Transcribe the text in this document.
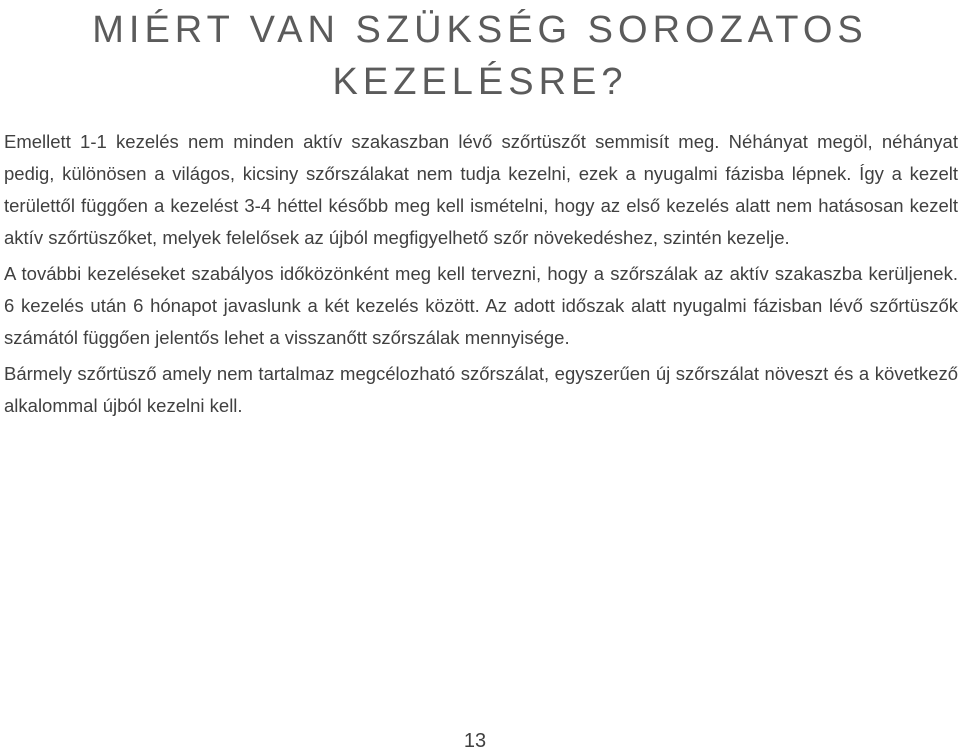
MIÉRT VAN SZÜKSÉG SOROZATOS KEZELÉSRE?

Emellett 1-1 kezelés nem minden aktív szakaszban lévő szőrtüszőt semmisít meg. Néhányat megöl, néhányat pedig, különösen a világos, kicsiny szőrszálakat nem tudja kezelni, ezek a nyugalmi fázisba lépnek. Így a kezelt területtől függően a kezelést 3-4 héttel később meg kell ismételni, hogy az első kezelés alatt nem hatásosan kezelt aktív szőrtüszőket, melyek felelősek az újból megfigyelhető szőr növekedéshez, szintén kezelje.

A további kezeléseket szabályos időközönként meg kell tervezni, hogy a szőrszálak az aktív szakaszba kerüljenek. 6 kezelés után 6 hónapot javaslunk a két kezelés között. Az adott időszak alatt nyugalmi fázisban lévő szőrtüszők számától függően jelentős lehet a visszanőtt szőrszálak mennyisége.

Bármely szőrtüsző amely nem tartalmaz megcélozható szőrszálat, egyszerűen új szőrszálat növeszt és a következő alkalommal újból kezelni kell.

13
